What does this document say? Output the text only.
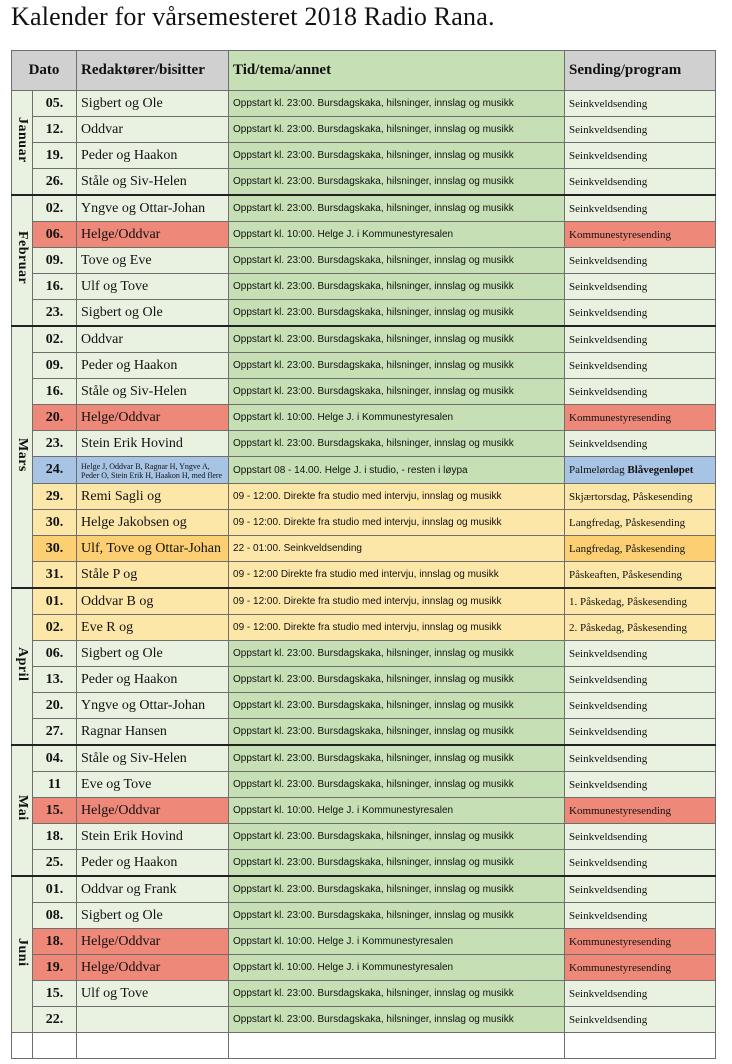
Kalender for vårsemesteret 2018 Radio Rana.
Dato		Redaktører/bisitter	Tid/tema/annet	Sending/program
Januar	05.	Sigbert og Ole	Oppstart kl. 23:00. Bursdagskaka, hilsninger, innslag og musikk	Seinkveldsending
	12.	Oddvar	Oppstart kl. 23:00. Bursdagskaka, hilsninger, innslag og musikk	Seinkveldsending
	19.	Peder og Haakon	Oppstart kl. 23:00. Bursdagskaka, hilsninger, innslag og musikk	Seinkveldsending
	26.	Ståle og Siv-Helen	Oppstart kl. 23:00. Bursdagskaka, hilsninger, innslag og musikk	Seinkveldsending
Februar	02.	Yngve og Ottar-Johan	Oppstart kl. 23:00. Bursdagskaka, hilsninger, innslag og musikk	Seinkveldsending
	06.	Helge/Oddvar	Oppstart kl. 10:00. Helge J. i Kommunestyresalen	Kommunestyresending
	09.	Tove og Eve	Oppstart kl. 23:00. Bursdagskaka, hilsninger, innslag og musikk	Seinkveldsending
	16.	Ulf og Tove	Oppstart kl. 23:00. Bursdagskaka, hilsninger, innslag og musikk	Seinkveldsending
	23.	Sigbert og Ole	Oppstart kl. 23:00. Bursdagskaka, hilsninger, innslag og musikk	Seinkveldsending
Mars	02.	Oddvar	Oppstart kl. 23:00. Bursdagskaka, hilsninger, innslag og musikk	Seinkveldsending
	09.	Peder og Haakon	Oppstart kl. 23:00. Bursdagskaka, hilsninger, innslag og musikk	Seinkveldsending
	16.	Ståle og Siv-Helen	Oppstart kl. 23:00. Bursdagskaka, hilsninger, innslag og musikk	Seinkveldsending
	20.	Helge/Oddvar	Oppstart kl. 10:00. Helge J. i Kommunestyresalen	Kommunestyresending
	23.	Stein Erik Hovind	Oppstart kl. 23:00. Bursdagskaka, hilsninger, innslag og musikk	Seinkveldsending
	24.	Helge J, Oddvar B, Ragnar H, Yngve A, Peder O, Stein Erik H, Haakon H, med flere	Oppstart 08 - 14.00. Helge J. i studio, - resten i løypa	Palmelørdag Blåvegenløpet
	29.	Remi Sagli og	09 - 12:00. Direkte fra studio med intervju, innslag og musikk	Skjærtorsdag, Påskesending
	30.	Helge Jakobsen og	09 - 12:00. Direkte fra studio med intervju, innslag og musikk	Langfredag, Påskesending
	30.	Ulf, Tove og Ottar-Johan	22 - 01:00. Seinkveldsending	Langfredag, Påskesending
	31.	Ståle P og	09 - 12:00 Direkte fra studio med intervju, innslag og musikk	Påskeaften, Påskesending
April	01.	Oddvar B og	09 - 12:00. Direkte fra studio med intervju, innslag og musikk	1. Påskedag, Påskesending
	02.	Eve R og	09 - 12:00. Direkte fra studio med intervju, innslag og musikk	2. Påskedag, Påskesending
	06.	Sigbert og Ole	Oppstart kl. 23:00. Bursdagskaka, hilsninger, innslag og musikk	Seinkveldsending
	13.	Peder og Haakon	Oppstart kl. 23:00. Bursdagskaka, hilsninger, innslag og musikk	Seinkveldsending
	20.	Yngve og Ottar-Johan	Oppstart kl. 23:00. Bursdagskaka, hilsninger, innslag og musikk	Seinkveldsending
	27.	Ragnar Hansen	Oppstart kl. 23:00. Bursdagskaka, hilsninger, innslag og musikk	Seinkveldsending
Mai	04.	Ståle og Siv-Helen	Oppstart kl. 23:00. Bursdagskaka, hilsninger, innslag og musikk	Seinkveldsending
	11	Eve og Tove	Oppstart kl. 23:00. Bursdagskaka, hilsninger, innslag og musikk	Seinkveldsending
	15.	Helge/Oddvar	Oppstart kl. 10:00. Helge J. i Kommunestyresalen	Kommunestyresending
	18.	Stein Erik Hovind	Oppstart kl. 23:00. Bursdagskaka, hilsninger, innslag og musikk	Seinkveldsending
	25.	Peder og Haakon	Oppstart kl. 23:00. Bursdagskaka, hilsninger, innslag og musikk	Seinkveldsending
Juni	01.	Oddvar og Frank	Oppstart kl. 23:00. Bursdagskaka, hilsninger, innslag og musikk	Seinkveldsending
	08.	Sigbert og Ole	Oppstart kl. 23:00. Bursdagskaka, hilsninger, innslag og musikk	Seinkveldsending
	18.	Helge/Oddvar	Oppstart kl. 10:00. Helge J. i Kommunestyresalen	Kommunestyresending
	19.	Helge/Oddvar	Oppstart kl. 10:00. Helge J. i Kommunestyresalen	Kommunestyresending
	15.	Ulf og Tove	Oppstart kl. 23:00. Bursdagskaka, hilsninger, innslag og musikk	Seinkveldsending
	22.		Oppstart kl. 23:00. Bursdagskaka, hilsninger, innslag og musikk	Seinkveldsending
